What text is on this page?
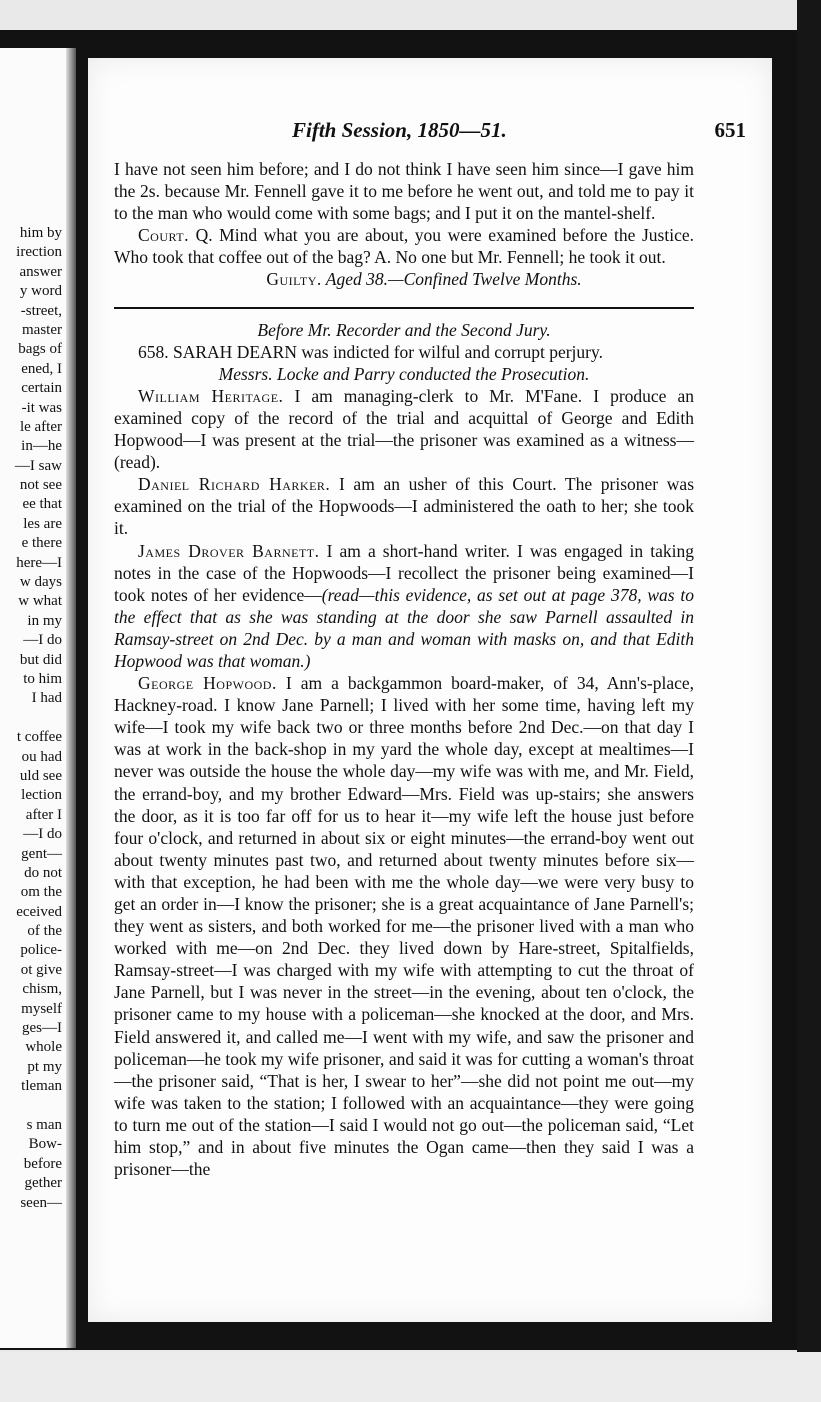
him by
irection
answer
y word
-street,
master
bags of
ened, I
certain
-it was
le after
in—he
—I saw
not see
ee that
les are
e there
here—I
w days
w what
in my
—I do
but did
to him
I had
t coffee
ou had
uld see
lection
after I
—I do
gent—
do not
om the
eceived
of the
police-
ot give
chism,
myself
ges—I
whole
pt my
tleman
s man
Bow-
before
gether
seen—
Fifth Session, 1850—51.	651

I have not seen him before; and I do not think I have seen him since—I gave him the 2s. because Mr. Fennell gave it to me before he went out, and told me to pay it to the man who would come with some bags; and I put it on the mantel-shelf.

Court. Q. Mind what you are about, you were examined before the Justice. Who took that coffee out of the bag? A. No one but Mr. Fennell; he took it out.

Guilty. Aged 38.—Confined Twelve Months.

Before Mr. Recorder and the Second Jury.

658. SARAH DEARN was indicted for wilful and corrupt perjury.

Messrs. Locke and Parry conducted the Prosecution.

William Heritage. I am managing-clerk to Mr. M'Fane. I produce an examined copy of the record of the trial and acquittal of George and Edith Hopwood—I was present at the trial—the prisoner was examined as a witness—(read).

Daniel Richard Harker. I am an usher of this Court. The prisoner was examined on the trial of the Hopwoods—I administered the oath to her; she took it.

James Drover Barnett. I am a short-hand writer. I was engaged in taking notes in the case of the Hopwoods—I recollect the prisoner being examined—I took notes of her evidence—(read—this evidence, as set out at page 378, was to the effect that as she was standing at the door she saw Parnell assaulted in Ramsay-street on 2nd Dec. by a man and woman with masks on, and that Edith Hopwood was that woman.)

George Hopwood. I am a backgammon board-maker, of 34, Ann's-place, Hackney-road. I know Jane Parnell; I lived with her some time, having left my wife—I took my wife back two or three months before 2nd Dec.—on that day I was at work in the back-shop in my yard the whole day, except at mealtimes—I never was outside the house the whole day—my wife was with me, and Mr. Field, the errand-boy, and my brother Edward—Mrs. Field was up-stairs; she answers the door, as it is too far off for us to hear it—my wife left the house just before four o'clock, and returned in about six or eight minutes—the errand-boy went out about twenty minutes past two, and returned about twenty minutes before six—with that exception, he had been with me the whole day—we were very busy to get an order in—I know the prisoner; she is a great acquaintance of Jane Parnell's; they went as sisters, and both worked for me—the prisoner lived with a man who worked with me—on 2nd Dec. they lived down by Hare-street, Spitalfields, Ramsay-street—I was charged with my wife with attempting to cut the throat of Jane Parnell, but I was never in the street—in the evening, about ten o'clock, the prisoner came to my house with a policeman—she knocked at the door, and Mrs. Field answered it, and called me—I went with my wife, and saw the prisoner and policeman—he took my wife prisoner, and said it was for cutting a woman's throat—the prisoner said, “That is her, I swear to her”—she did not point me out—my wife was taken to the station; I followed with an acquaintance—they were going to turn me out of the station—I said I would not go out—the policeman said, “Let him stop,” and in about five minutes the Ogan came—then they said I was a prisoner—the
